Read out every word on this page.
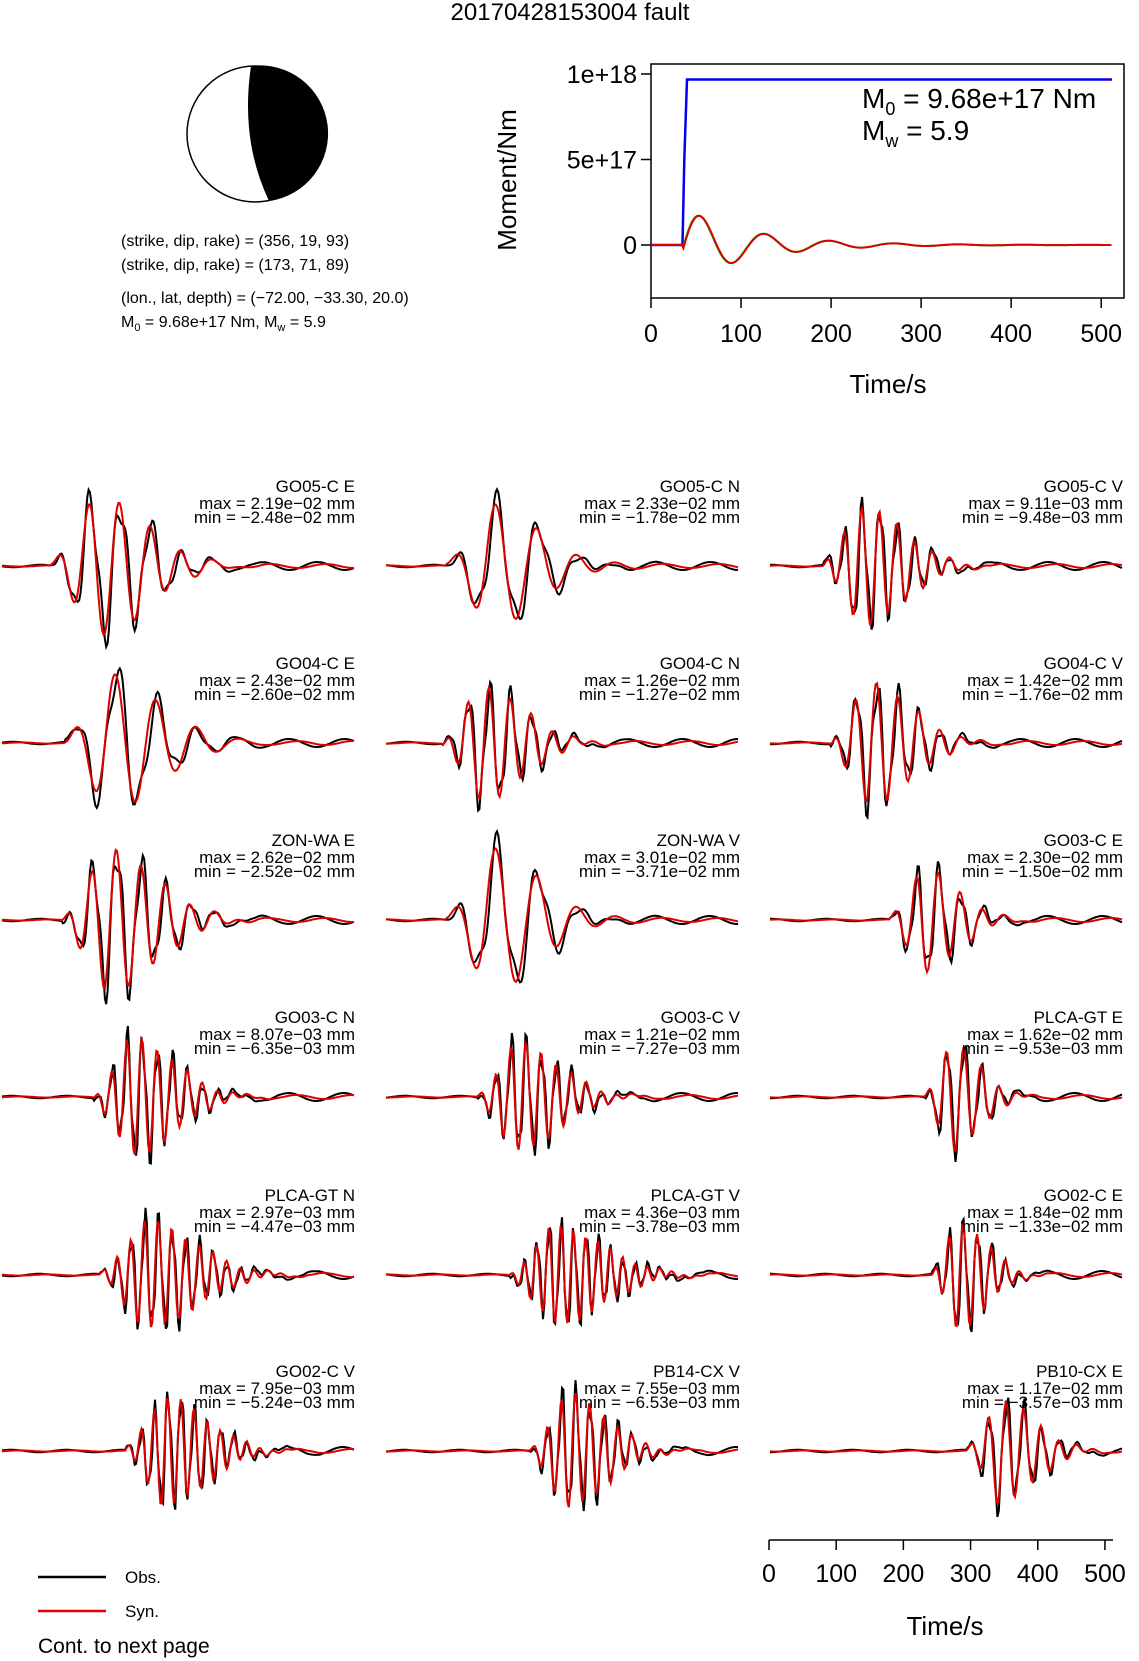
20170428153004 fault
(strike, dip, rake) = (356, 19, 93)
(strike, dip, rake) = (173, 71, 89)
(lon., lat, depth) = (−72.00, −33.30, 20.0)
$M_0 = 9.68e+17$ Nm, $M_w = 5.9$
1e+18
5e+17
0
0 100 200 300 400 500
$M_0 = 9.68e+17$ Nm
$M_w = 5.9$
Moment/Nm
Time/s
GO05-C E
max = 2.19e−02 mm
min = −2.48e−02 mm
GO05-C N
max = 2.33e−02 mm
min = −1.78e−02 mm
GO05-C V
max = 9.11e−03 mm
min = −9.48e−03 mm
GO04-C E
max = 2.43e−02 mm
min = −2.60e−02 mm
GO04-C N
max = 1.26e−02 mm
min = −1.27e−02 mm
GO04-C V
max = 1.42e−02 mm
min = −1.76e−02 mm
ZON-WA E
max = 2.62e−02 mm
min = −2.52e−02 mm
ZON-WA V
max = 3.01e−02 mm
min = −3.71e−02 mm
GO03-C E
max = 2.30e−02 mm
min = −1.50e−02 mm
GO03-C N
max = 8.07e−03 mm
min = −6.35e−03 mm
GO03-C V
max = 1.21e−02 mm
min = −7.27e−03 mm
PLCA-GT E
max = 1.62e−02 mm
min = −9.53e−03 mm
PLCA-GT N
max = 2.97e−03 mm
min = −4.47e−03 mm
PLCA-GT V
max = 4.36e−03 mm
min = −3.78e−03 mm
GO02-C E
max = 1.84e−02 mm
min = −1.33e−02 mm
GO02-C V
max = 7.95e−03 mm
min = −5.24e−03 mm
PB14-CX V
max = 7.55e−03 mm
min = −6.53e−03 mm
PB10-CX E
max = 1.17e−02 mm
min = −3.57e−03 mm
0 100 200 300 400 500
Time/s
Obs.
Syn.
Cont. to next page
